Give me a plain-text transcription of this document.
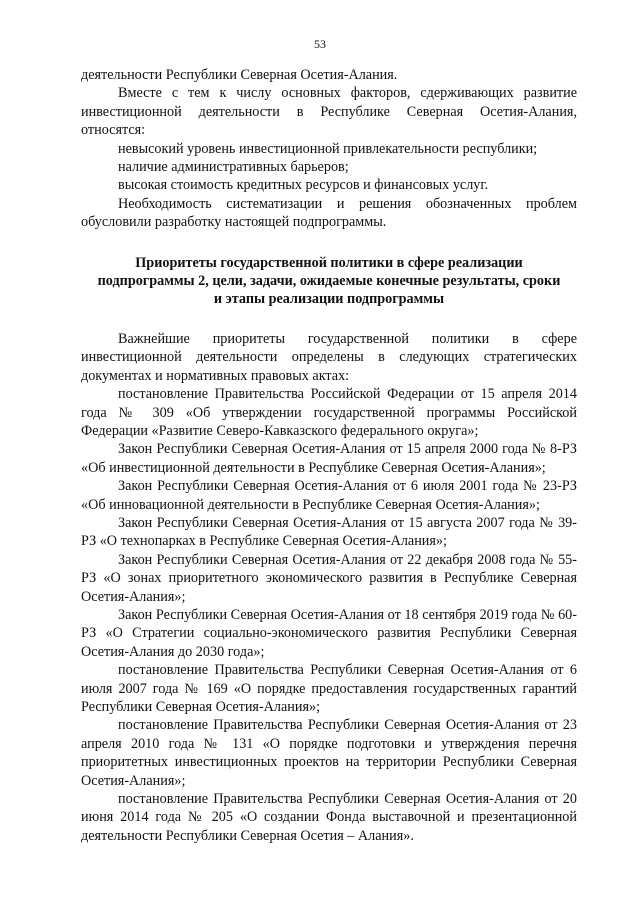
53

деятельности Республики Северная Осетия-Алания.

Вместе с тем к числу основных факторов, сдерживающих развитие инвестиционной деятельности в Республике Северная Осетия-Алания, относятся:

невысокий уровень инвестиционной привлекательности республики;

наличие административных барьеров;

высокая стоимость кредитных ресурсов и финансовых услуг.

Необходимость систематизации и решения обозначенных проблем обусловили разработку настоящей подпрограммы.

Приоритеты государственной политики в сфере реализации
подпрограммы 2, цели, задачи, ожидаемые конечные результаты, сроки
и этапы реализации подпрограммы

Важнейшие приоритеты государственной политики в сфере инвестиционной деятельности определены в следующих стратегических документах и нормативных правовых актах:

постановление Правительства Российской Федерации от 15 апреля 2014 года № 309 «Об утверждении государственной программы Российской Федерации «Развитие Северо-Кавказского федерального округа»;

Закон Республики Северная Осетия-Алания от 15 апреля 2000 года № 8-РЗ «Об инвестиционной деятельности в Республике Северная Осетия-Алания»;

Закон Республики Северная Осетия-Алания от 6 июля 2001 года № 23-РЗ «Об инновационной деятельности в Республике Северная Осетия-Алания»;

Закон Республики Северная Осетия-Алания от 15 августа 2007 года № 39-РЗ «О технопарках в Республике Северная Осетия-Алания»;

Закон Республики Северная Осетия-Алания от 22 декабря 2008 года № 55-РЗ «О зонах приоритетного экономического развития в Республике Северная Осетия-Алания»;

Закон Республики Северная Осетия-Алания от 18 сентября 2019 года № 60-РЗ «О Стратегии социально-экономического развития Республики Северная Осетия-Алания до 2030 года»;

постановление Правительства Республики Северная Осетия-Алания от 6 июля 2007 года № 169 «О порядке предоставления государственных гарантий Республики Северная Осетия-Алания»;

постановление Правительства Республики Северная Осетия-Алания от 23 апреля 2010 года № 131 «О порядке подготовки и утверждения перечня приоритетных инвестиционных проектов на территории Республики Северная Осетия-Алания»;

постановление Правительства Республики Северная Осетия-Алания от 20 июня 2014 года № 205 «О создании Фонда выставочной и презентационной деятельности Республики Северная Осетия – Алания».
